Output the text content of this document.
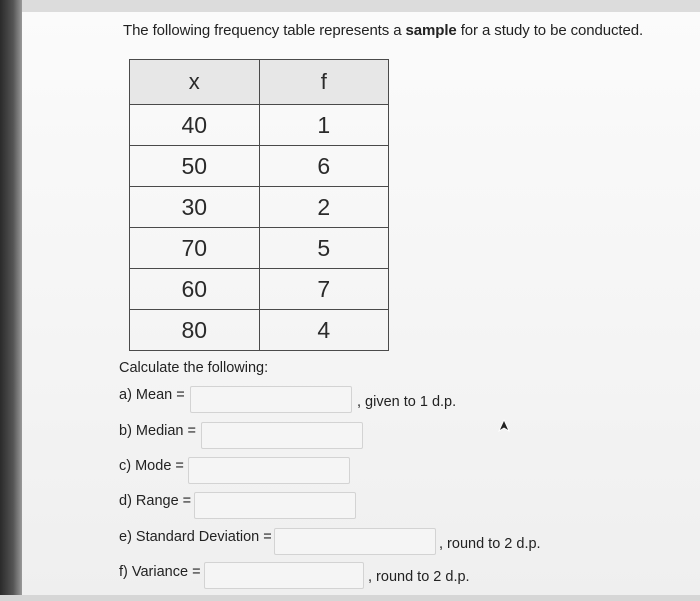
The following frequency table represents a sample for a study to be conducted.
x	f
40	1
50	6
30	2
70	5
60	7
80	4
Calculate the following:
a) Mean =	, given to 1 d.p.
b) Median =
c) Mode =
d) Range =
e) Standard Deviation =	, round to 2 d.p.
f) Variance =	, round to 2 d.p.
